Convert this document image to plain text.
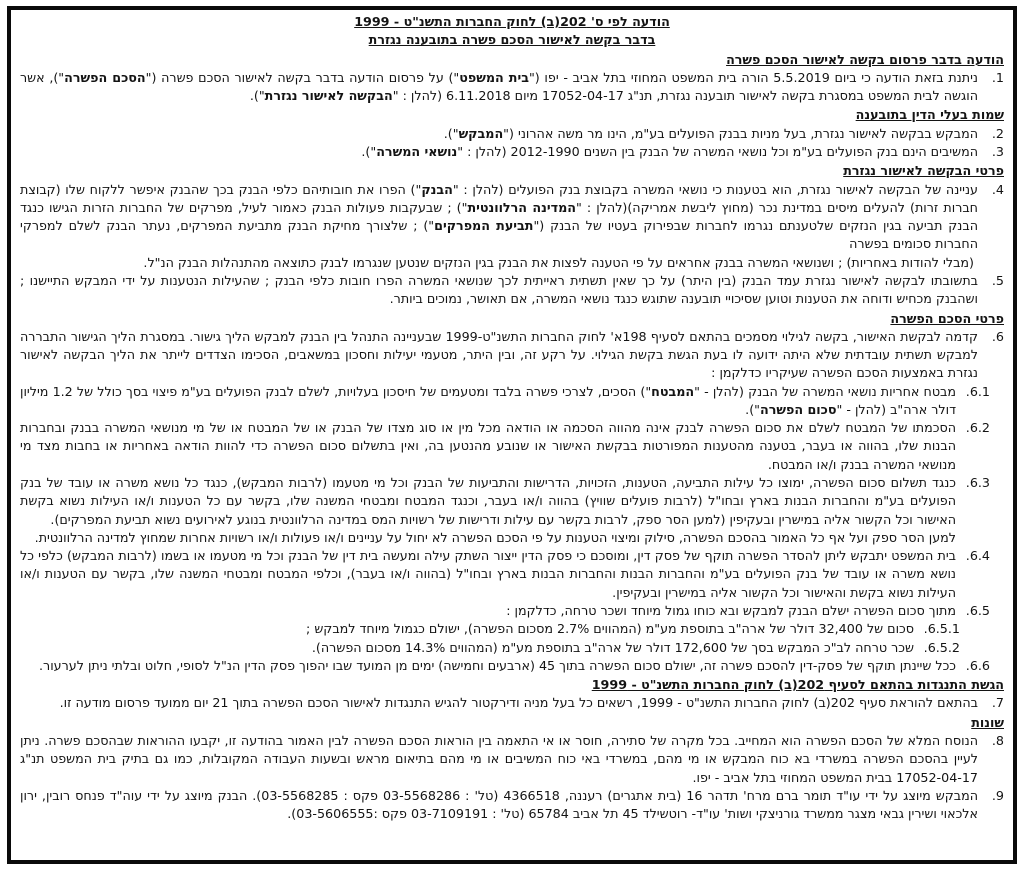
הודעה לפי ס' 202(ב) לחוק החברות התשנ"ט - 1999
בדבר בקשה לאישור הסכם פשרה בתובענה נגזרת
הודעה בדבר פרסום בקשה לאישור הסכם פשרה
1.
ניתנת בזאת הודעה כי ביום 5.5.2019 הורה בית המשפט המחוזי בתל אביב - יפו ("בית המשפט") על פרסום הודעה בדבר בקשה לאישור הסכם פשרה ("הסכם הפשרה"), אשר הוגשה לבית המשפט במסגרת בקשה לאישור תובענה נגזרת, תנ"ג 17052-04-17 מיום 6.11.2018 (להלן : "הבקשה לאישור נגזרת").
שמות בעלי הדין בתובענה
2.
המבקש בבקשה לאישור נגזרת, בעל מניות בבנק הפועלים בע"מ, הינו מר משה אהרוני ("המבקש").
3.
המשיבים הינם בנק הפועלים בע"מ וכל נושאי המשרה של הבנק בין השנים 2012-1990 (להלן : "נושאי המשרה").
פרטי הבקשה לאישור נגזרת
4.
עניינה של הבקשה לאישור נגזרת, הוא בטענות כי נושאי המשרה בקבוצת בנק הפועלים (להלן : "הבנק") הפרו את חובותיהם כלפי הבנק בכך שהבנק איפשר ללקוח שלו (קבוצת חברות זרות) להעלים מיסים במדינת נכר (מחוץ ליבשת אמריקה)(להלן : "המדינה הרלוונטית") ; שבעקבות פעולות הבנק כאמור לעיל, מפרקים של החברות הזרות הגישו כנגד הבנק תביעה בגין הנזקים שלטענתם נגרמו לחברות שבפירוק בעטיו של הבנק ("תביעת המפרקים") ; שלצורך מחיקת הבנק מתביעת המפרקים, נעתר הבנק לשלם למפרקי החברות סכומים בפשרה
(מבלי להודות באחריות) ; ושנושאי המשרה בבנק אחראים על פי הטענה לפצות את הבנק בגין הנזקים שנטען שנגרמו לבנק כתוצאה מהתנהלות הבנק הנ"ל.
5.
בתשובתו לבקשה לאישור נגזרת עמד הבנק (בין היתר) על כך שאין תשתית ראייתית לכך שנושאי המשרה הפרו חובות כלפי הבנק ; שהעילות הנטענות על ידי המבקש התיישנו ; ושהבנק מכחיש ודוחה את הטענות וטוען שסיכויי תובענה שתוגש כנגד נושאי המשרה, אם תאושר, נמוכים ביותר.
פרטי הסכם הפשרה
6.
קדמה לבקשת האישור, בקשה לגילוי מסמכים בהתאם לסעיף 198א' לחוק החברות התשנ"ט-1999 שבעניינה התנהל בין הבנק למבקש הליך גישור. במסגרת הליך הגישור התבררה למבקש תשתית עובדתית שלא היתה ידועה לו בעת הגשת בקשת הגילוי. על רקע זה, ובין היתר, מטעמי יעילות וחסכון במשאבים, הסכימו הצדדים לייתר את הליך הבקשה לאישור נגזרת באמצעות הסכם הפשרה שעיקריו כדלקמן :
6.1.
מבטח אחריות נושאי המשרה של הבנק (להלן - "המבטח") הסכים, לצרכי פשרה בלבד ומטעמים של חיסכון בעלויות, לשלם לבנק הפועלים בע"מ פיצוי בסך כולל של 1.2 מיליון דולר ארה"ב (להלן - "סכום הפשרה").
6.2.
הסכמתו של המבטח לשלם את סכום הפשרה לבנק אינה מהווה הסכמה או הודאה מכל מין או סוג מצדו של הבנק או של המבטח או של מי מנושאי המשרה בבנק ובחברות הבנות שלו, בהווה או בעבר, בטענה מהטענות המפורטות בבקשת האישור או שנובע מהנטען בה, ואין בתשלום סכום הפשרה כדי להוות הודאה באחריות או בחבות מצד מי מנושאי המשרה בבנק ו/או המבטח.
6.3.
כנגד תשלום סכום הפשרה, ימוצו כל עילות התביעה, הטענות, הזכויות, הדרישות והתביעות של הבנק וכל מי מטעמו (לרבות המבקש), כנגד כל נושא משרה או עובד של בנק הפועלים בע"מ והחברות הבנות בארץ ובחו"ל (לרבות פועלים שוויץ) בהווה ו/או בעבר, וכנגד המבטח ומבטחי המשנה שלו, בקשר עם כל הטענות ו/או העילות נשוא בקשת האישור וכל הקשור אליה במישרין ובעקיפין (למען הסר ספק, לרבות בקשר עם עילות ודרישות של רשויות המס במדינה הרלוונטית בנוגע לאירועים נשוא תביעת המפרקים).
למען הסר ספק ועל אף כל האמור בהסכם הפשרה, סילוק ומיצוי הטענות על פי הסכם הפשרה לא יחול על עניינים ו/או פעולות ו/או רשויות אחרות שמחוץ למדינה הרלוונטית.
6.4.
בית המשפט יתבקש ליתן להסדר הפשרה תוקף של פסק דין, ומוסכם כי פסק הדין ייצור השתק עילה ומעשה בית דין של הבנק וכל מי מטעמו או בשמו (לרבות המבקש) כלפי כל נושא משרה או עובד של בנק הפועלים בע"מ והחברות הבנות והחברות הבנות בארץ ובחו"ל (בהווה ו/או בעבר), וכלפי המבטח ומבטחי המשנה שלו, בקשר עם הטענות ו/או העילות נשוא בקשת והאישור וכל הקשור אליה במישרין ובעקיפין.
6.5.
מתוך סכום הפשרה ישלם הבנק למבקש ובא כוחו גמול מיוחד ושכר טרחה, כדלקמן :
6.5.1.
סכום של 32,400 דולר של ארה"ב בתוספת מע"מ (המהווים 2.7% מסכום הפשרה), ישולם כגמול מיוחד למבקש ;
6.5.2.
שכר טרחה לב"כ המבקש בסך של 172,600 דולר של ארה"ב בתוספת מע"מ (המהווים 14.3% מסכום הפשרה).
6.6.
ככל שיינתן תוקף של פסק-דין להסכם פשרה זה, ישולם סכום הפשרה בתוך 45 (ארבעים וחמישה) ימים מן המועד שבו יהפוך פסק הדין הנ"ל לסופי, חלוט ובלתי ניתן לערעור.
הגשת התנגדות בהתאם לסעיף 202(ב) לחוק החברות התשנ"ט - 1999
7.
בהתאם להוראת סעיף 202(ב) לחוק החברות התשנ"ט - 1999, רשאים כל בעל מניה ודירקטור להגיש התנגדות לאישור הסכם הפשרה בתוך 21 יום ממועד פרסום מודעה זו.
שונות
8.
הנוסח המלא של הסכם הפשרה הוא המחייב. בכל מקרה של סתירה, חוסר או אי התאמה בין הוראות הסכם הפשרה לבין האמור בהודעה זו, יקבעו ההוראות שבהסכם פשרה. ניתן לעיין בהסכם הפשרה במשרדי בא כוח המבקש או מי מהם, במשרדי באי כוח המשיבים או מי מהם בתיאום מראש ובשעות העבודה המקובלות, כמו גם בתיק בית המשפט תנ"ג 17052-04-17 בבית המשפט המחוזי בתל אביב - יפו.
9.
המבקש מיוצג על ידי עו"ד תומר ברם מרח' תדהר 16 (בית אתגרים) רעננה, 4366518 (טל' : 03-5568286 פקס : 03-5568285). הבנק מיוצג על ידי עוה"ד פנחס רובין, ירון אלכאוי ושירין גבאי מצגר ממשרד גורניצקי ושות' עו"ד- רוטשילד 45 תל אביב 65784 (טל' : 03-7109191 פקס :03-5606555).
